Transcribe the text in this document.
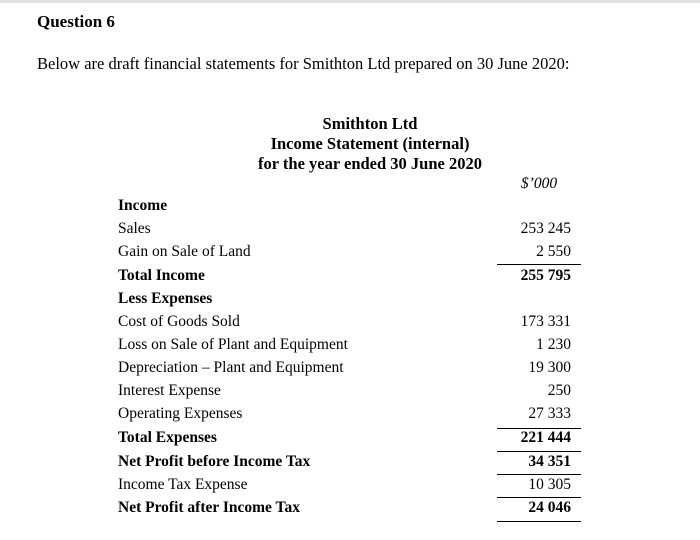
Question 6
Below are draft financial statements for Smithton Ltd prepared on 30 June 2020:
Smithton Ltd
Income Statement (internal)
for the year ended 30 June 2020
$’000
Income
Sales	253 245
Gain on Sale of Land	2 550
Total Income	255 795
Less Expenses
Cost of Goods Sold	173 331
Loss on Sale of Plant and Equipment	1 230
Depreciation – Plant and Equipment	19 300
Interest Expense	250
Operating Expenses	27 333
Total Expenses	221 444
Net Profit before Income Tax	34 351
Income Tax Expense	10 305
Net Profit after Income Tax	24 046
